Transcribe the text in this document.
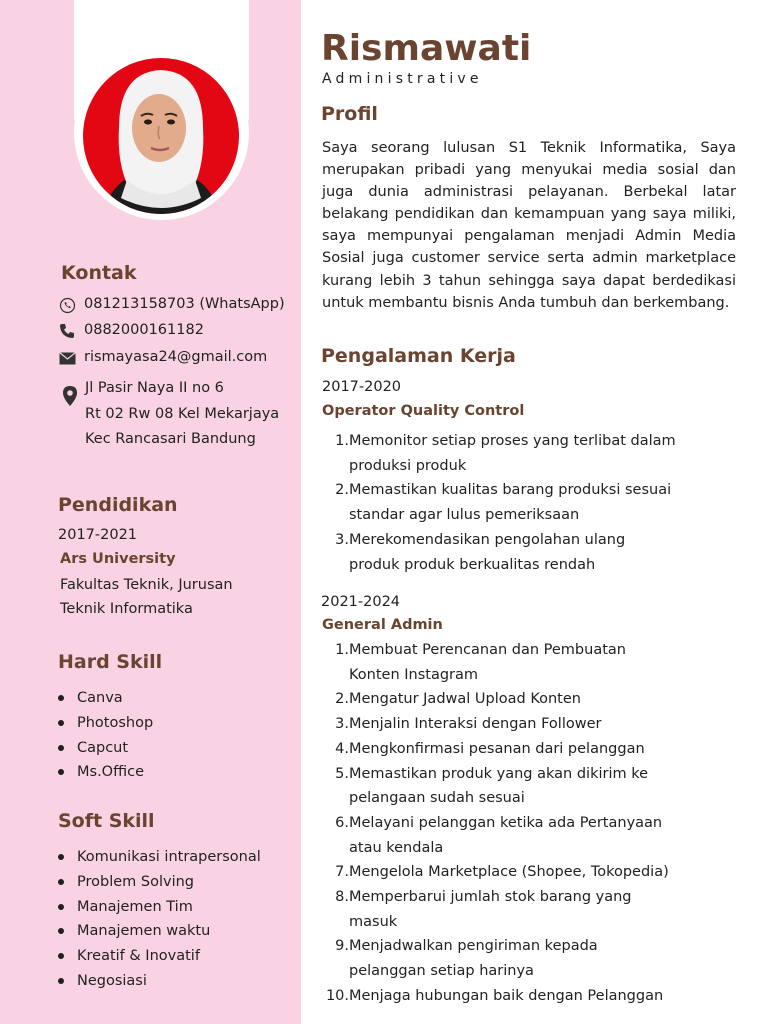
Kontak
081213158703 (WhatsApp)
0882000161182
rismayasa24@gmail.com
Jl Pasir Naya II no 6
Rt 02 Rw 08 Kel Mekarjaya
Kec Rancasari Bandung
Pendidikan
2017-2021
Ars University
Fakultas Teknik, Jurusan
Teknik Informatika
Hard Skill
Canva
Photoshop
Capcut
Ms.Office
Soft Skill
Komunikasi intrapersonal
Problem Solving
Manajemen Tim
Manajemen waktu
Kreatif & Inovatif
Negosiasi
Rismawati
Administrative
Profil
Saya seorang lulusan S1 Teknik Informatika, Saya merupakan pribadi yang menyukai media sosial dan juga dunia administrasi pelayanan. Berbekal latar belakang pendidikan dan kemampuan yang saya miliki, saya mempunyai pengalaman menjadi Admin Media Sosial juga customer service serta admin marketplace kurang lebih 3 tahun sehingga saya dapat berdedikasi untuk membantu bisnis Anda tumbuh dan berkembang.
Pengalaman Kerja
2017-2020
Operator Quality Control
1. Memonitor setiap proses yang terlibat dalam
produksi produk
2. Memastikan kualitas barang produksi sesuai
standar agar lulus pemeriksaan
3. Merekomendasikan pengolahan ulang
produk produk berkualitas rendah
2021-2024
General Admin
1. Membuat Perencanan dan Pembuatan
Konten Instagram
2. Mengatur Jadwal Upload Konten
3. Menjalin Interaksi dengan Follower
4. Mengkonfirmasi pesanan dari pelanggan
5. Memastikan produk yang akan dikirim ke
pelangaan sudah sesuai
6. Melayani pelanggan ketika ada Pertanyaan
atau kendala
7. Mengelola Marketplace (Shopee, Tokopedia)
8. Memperbarui jumlah stok barang yang
masuk
9. Menjadwalkan pengiriman kepada
pelanggan setiap harinya
10. Menjaga hubungan baik dengan Pelanggan
